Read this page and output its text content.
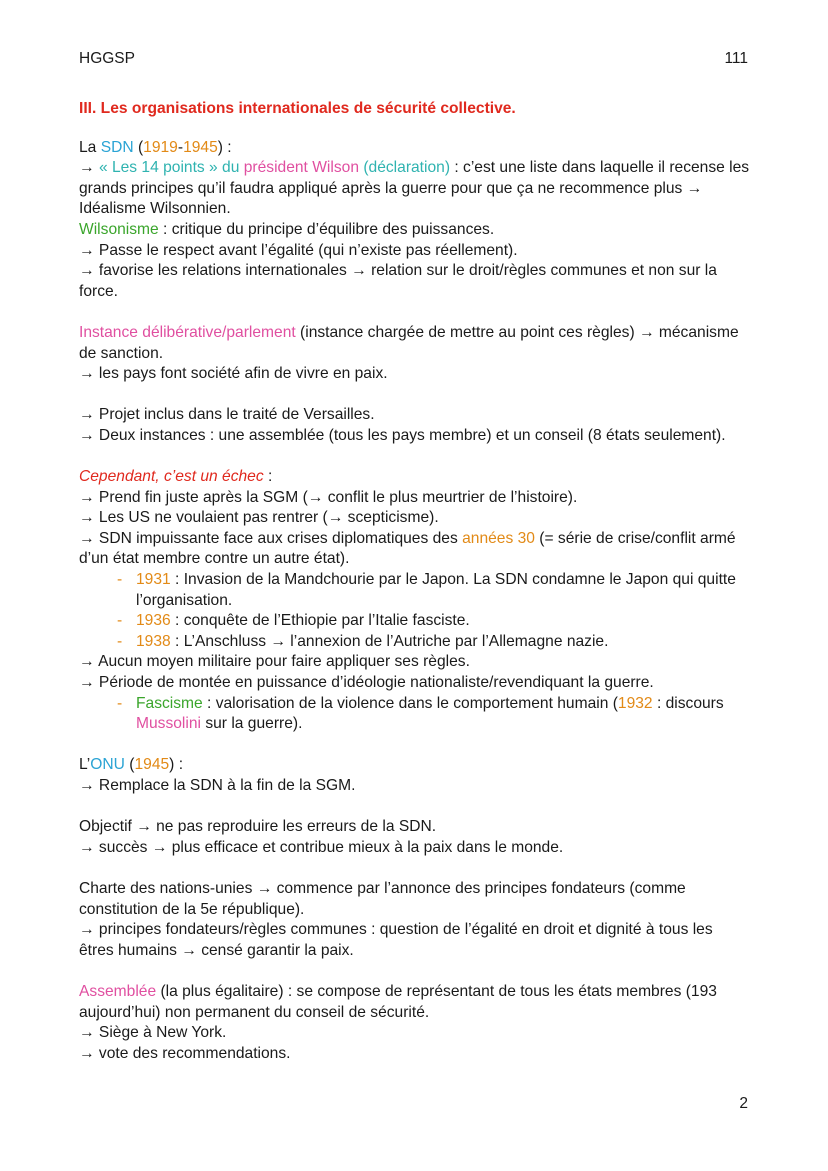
HGGSP	111

III. Les organisations internationales de sécurité collective.

La SDN (1919-1945) :

→ « Les 14 points » du président Wilson (déclaration) : c’est une liste dans laquelle il recense les grands principes qu’il faudra appliqué après la guerre pour que ça ne recommence plus → Idéalisme Wilsonnien.

Wilsonisme : critique du principe d’équilibre des puissances.

→ Passe le respect avant l’égalité (qui n’existe pas réellement).

→ favorise les relations internationales → relation sur le droit/règles communes et non sur la force.

Instance délibérative/parlement (instance chargée de mettre au point ces règles) → mécanisme de sanction.

→ les pays font société afin de vivre en paix.

→ Projet inclus dans le traité de Versailles.

→ Deux instances : une assemblée (tous les pays membre) et un conseil (8 états seulement).

Cependant, c’est un échec :

→ Prend fin juste après la SGM (→ conflit le plus meurtrier de l’histoire).

→ Les US ne voulaient pas rentrer (→ scepticisme).

→ SDN impuissante face aux crises diplomatiques des années 30 (= série de crise/conflit armé d’un état membre contre un autre état).

- 1931 : Invasion de la Mandchourie par le Japon. La SDN condamne le Japon qui quitte l’organisation.
- 1936 : conquête de l’Ethiopie par l’Italie fasciste.
- 1938 : L’Anschluss → l’annexion de l’Autriche par l’Allemagne nazie.

→ Aucun moyen militaire pour faire appliquer ses règles.

→ Période de montée en puissance d’idéologie nationaliste/revendiquant la guerre.

- Fascisme : valorisation de la violence dans le comportement humain (1932 : discours Mussolini sur la guerre).

L’ONU (1945) :

→ Remplace la SDN à la fin de la SGM.

Objectif → ne pas reproduire les erreurs de la SDN.

→ succès → plus efficace et contribue mieux à la paix dans le monde.

Charte des nations-unies → commence par l’annonce des principes fondateurs (comme constitution de la 5e république).

→ principes fondateurs/règles communes : question de l’égalité en droit et dignité à tous les êtres humains → censé garantir la paix.

Assemblée (la plus égalitaire) : se compose de représentant de tous les états membres (193 aujourd’hui) non permanent du conseil de sécurité.

→ Siège à New York.

→ vote des recommendations.

2
